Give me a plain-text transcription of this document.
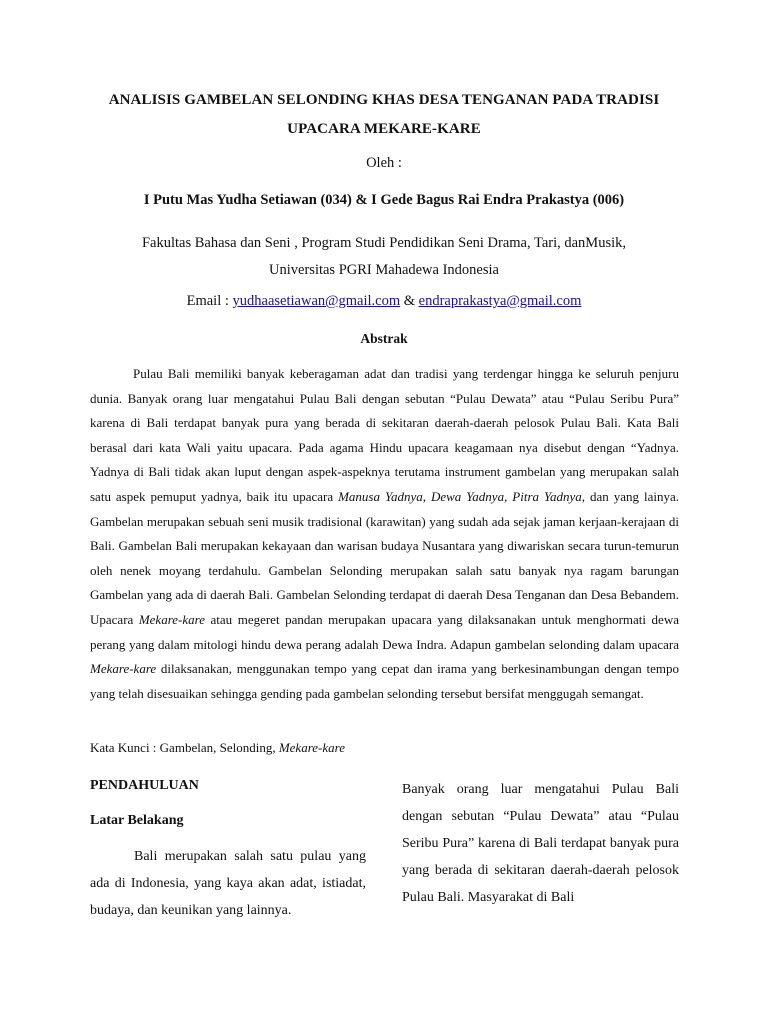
ANALISIS GAMBELAN SELONDING KHAS DESA TENGANAN PADA TRADISI
UPACARA MEKARE-KARE
Oleh :
I Putu Mas Yudha Setiawan (034) & I Gede Bagus Rai Endra Prakastya (006)
Fakultas Bahasa dan Seni , Program Studi Pendidikan Seni Drama, Tari, danMusik,
Universitas PGRI Mahadewa Indonesia
Email : yudhaasetiawan@gmail.com & endraprakastya@gmail.com
Abstrak

Pulau Bali memiliki banyak keberagaman adat dan tradisi yang terdengar hingga ke seluruh penjuru dunia. Banyak orang luar mengatahui Pulau Bali dengan sebutan “Pulau Dewata” atau “Pulau Seribu Pura” karena di Bali terdapat banyak pura yang berada di sekitaran daerah-daerah pelosok Pulau Bali. Kata Bali berasal dari kata Wali yaitu upacara. Pada agama Hindu upacara keagamaan nya disebut dengan “Yadnya. Yadnya di Bali tidak akan luput dengan aspek-aspeknya terutama instrument gambelan yang merupakan salah satu aspek pemuput yadnya, baik itu upacara Manusa Yadnya, Dewa Yadnya, Pitra Yadnya, dan yang lainya. Gambelan merupakan sebuah seni musik tradisional (karawitan) yang sudah ada sejak jaman kerjaan-kerajaan di Bali. Gambelan Bali merupakan kekayaan dan warisan budaya Nusantara yang diwariskan secara turun-temurun oleh nenek moyang terdahulu. Gambelan Selonding merupakan salah satu banyak nya ragam barungan Gambelan yang ada di daerah Bali. Gambelan Selonding terdapat di daerah Desa Tenganan dan Desa Bebandem. Upacara Mekare-kare atau megeret pandan merupakan upacara yang dilaksanakan untuk menghormati dewa perang yang dalam mitologi hindu dewa perang adalah Dewa Indra. Adapun gambelan selonding dalam upacara Mekare-kare dilaksanakan, menggunakan tempo yang cepat dan irama yang berkesinambungan dengan tempo yang telah disesuaikan sehingga gending pada gambelan selonding tersebut bersifat menggugah semangat.

Kata Kunci : Gambelan, Selonding, Mekare-kare
PENDAHULUAN
Latar Belakang

Bali merupakan salah satu pulau yang ada di Indonesia, yang kaya akan adat, istiadat, budaya, dan keunikan yang lainnya.

Banyak orang luar mengatahui Pulau Bali dengan sebutan “Pulau Dewata” atau “Pulau Seribu Pura” karena di Bali terdapat banyak pura yang berada di sekitaran daerah-daerah pelosok Pulau Bali. Masyarakat di Bali
